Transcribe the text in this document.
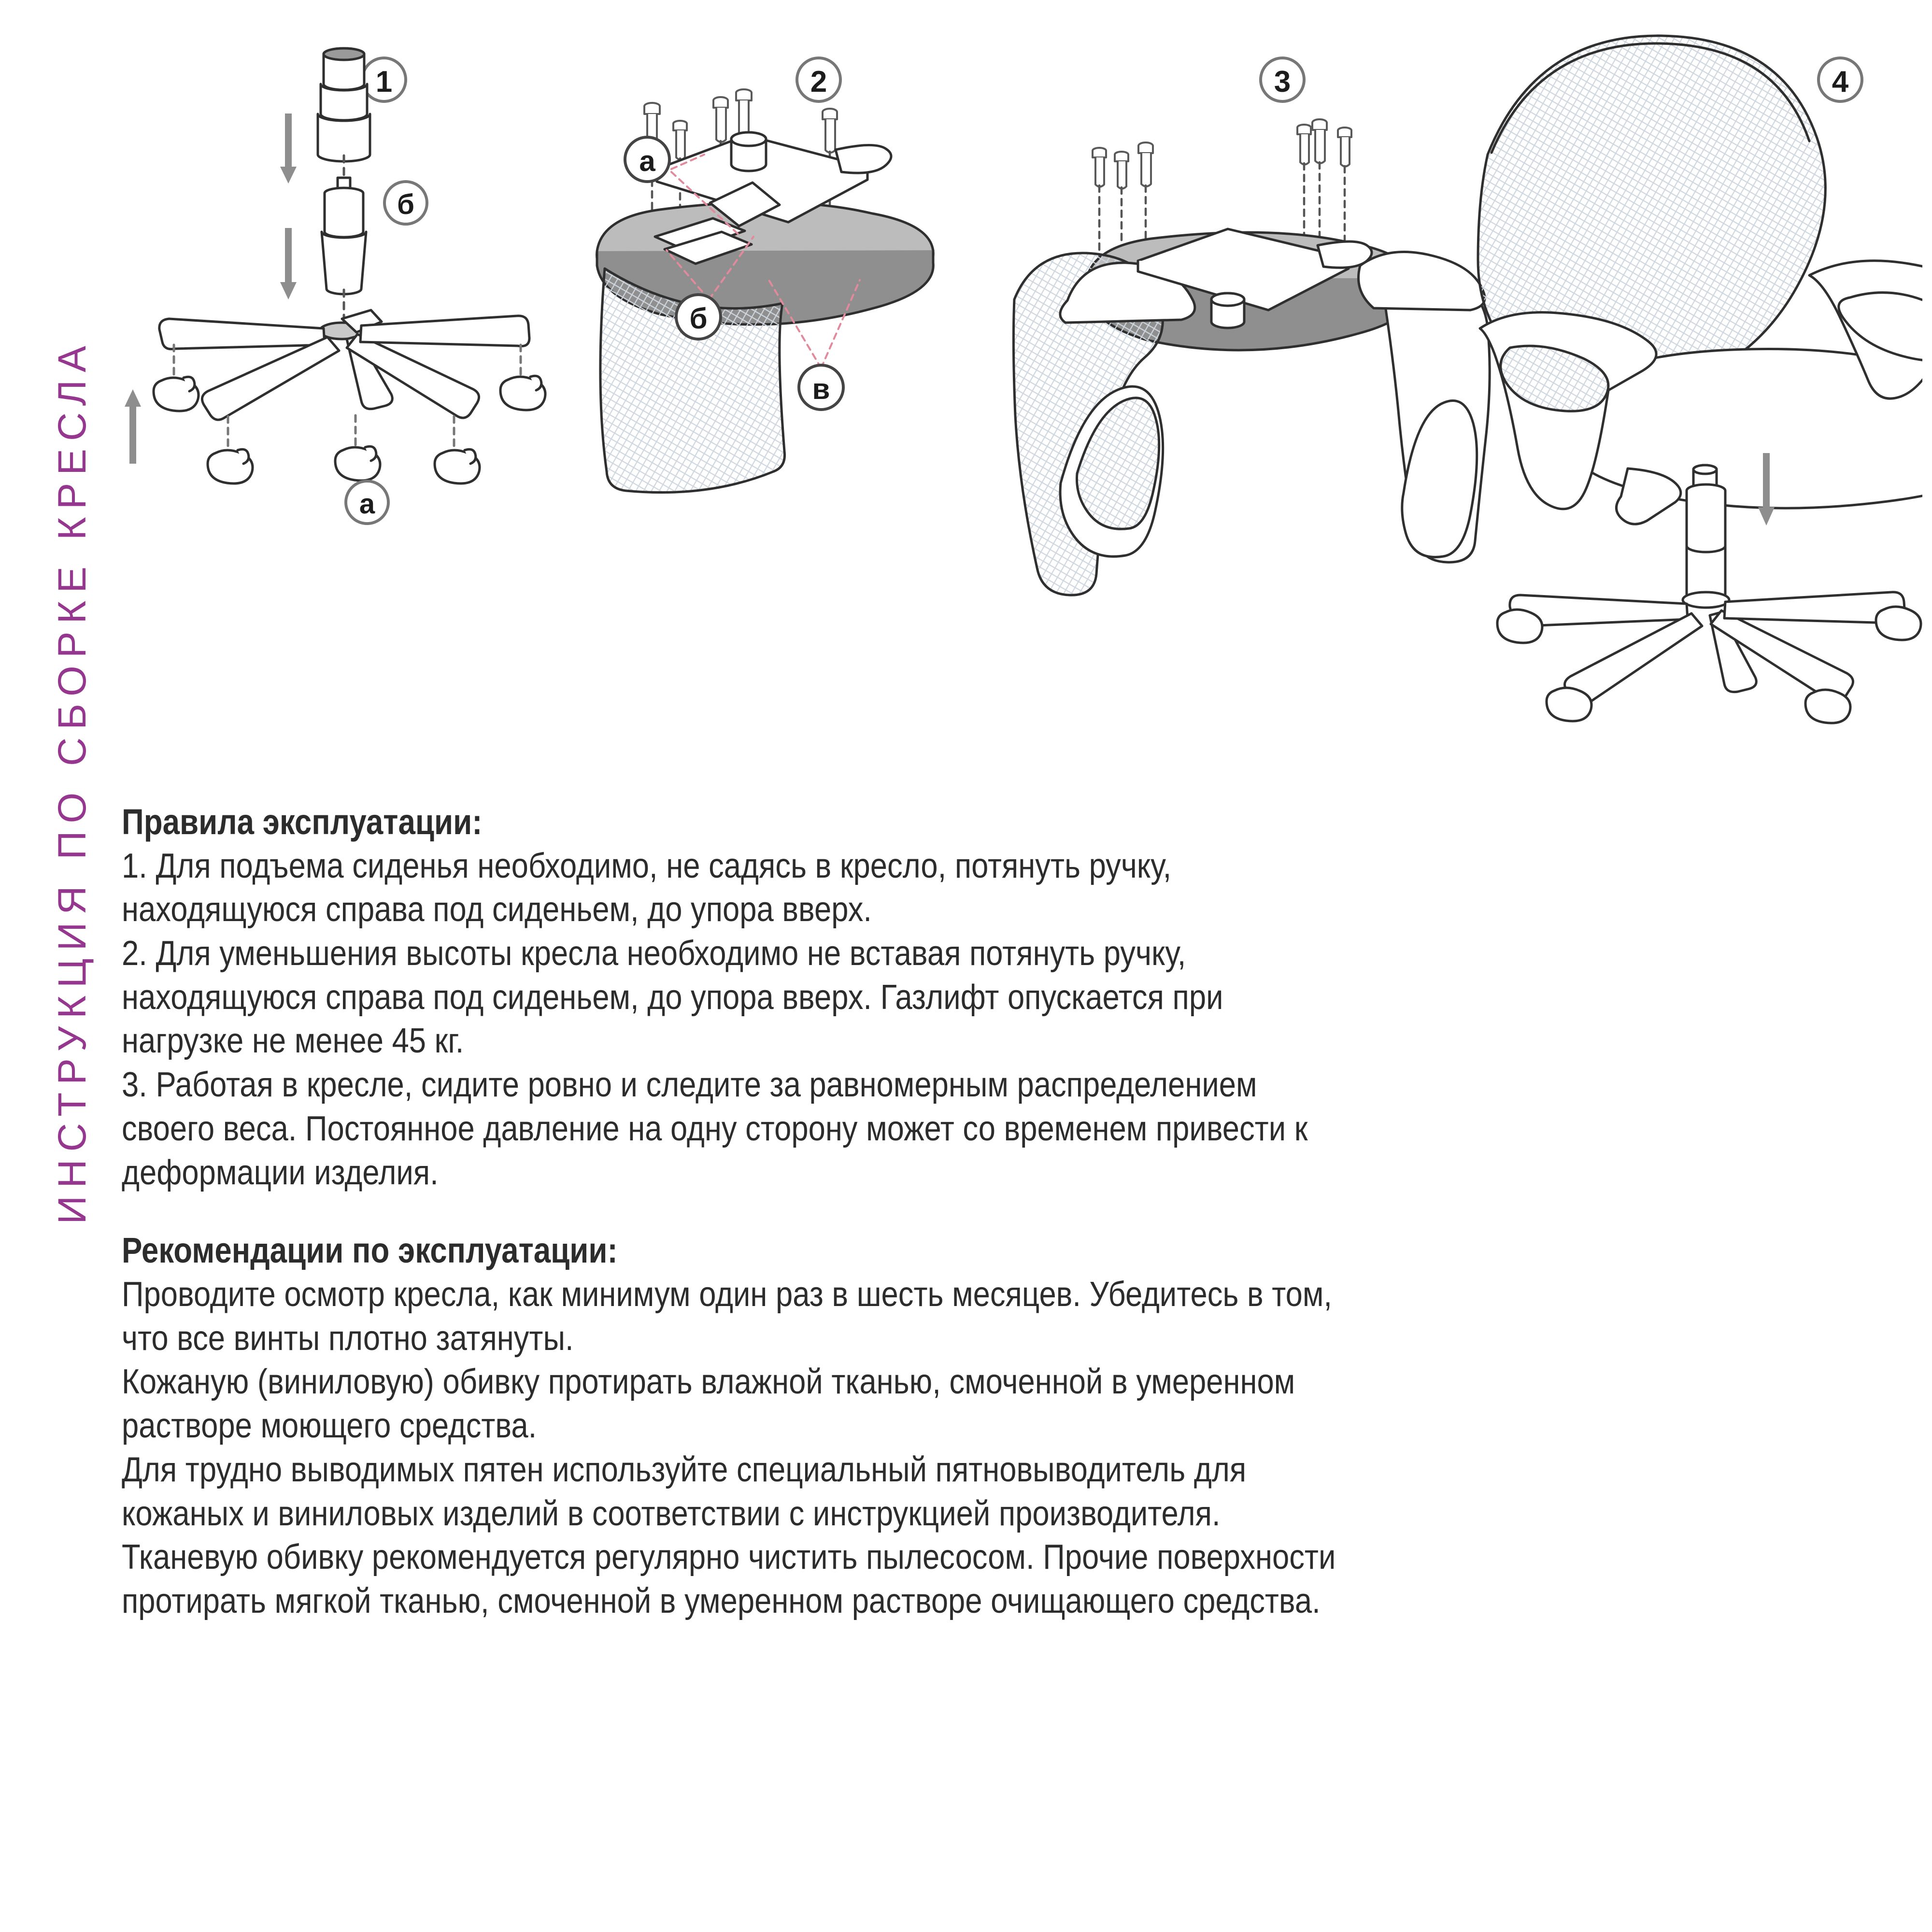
ИНСТРУКЦИЯ ПО СБОРКЕ КРЕСЛА
1
б
а
2
а
б
в
3	4
Правила эксплуатации:
1. Для подъема сиденья необходимо, не садясь в кресло, потянуть ручку,
находящуюся справа под сиденьем, до упора вверх.
2. Для уменьшения высоты кресла необходимо не вставая потянуть ручку,
находящуюся справа под сиденьем, до упора вверх. Газлифт опускается при
нагрузке не менее 45 кг.
3. Работая в кресле, сидите ровно и следите за равномерным распределением
своего веса. Постоянное давление на одну сторону может со временем привести к
деформации изделия.
Рекомендации по эксплуатации:
Проводите осмотр кресла, как минимум один раз в шесть месяцев. Убедитесь в том,
что все винты плотно затянуты.
Кожаную (виниловую) обивку протирать влажной тканью, смоченной в умеренном
растворе моющего средства.
Для трудно выводимых пятен используйте специальный пятновыводитель для
кожаных и виниловых изделий в соответствии с инструкцией производителя.
Тканевую обивку рекомендуется регулярно чистить пылесосом. Прочие поверхности
протирать мягкой тканью, смоченной в умеренном растворе очищающего средства.
